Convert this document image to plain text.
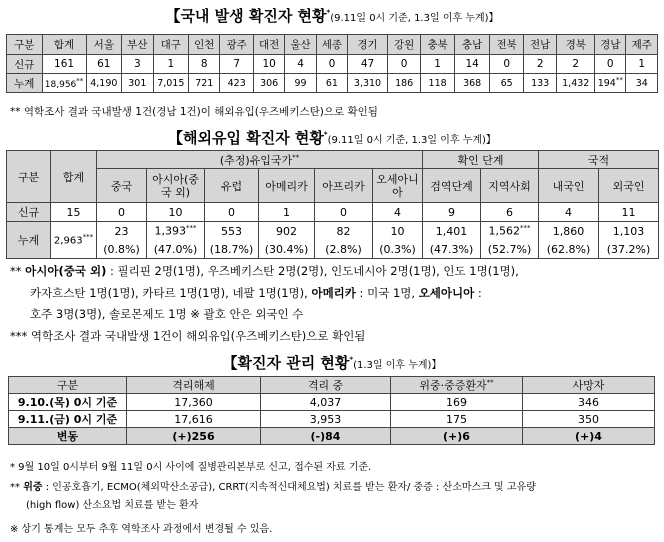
【국내 발생 확진자 현황*(9.11일 0시 기준, 1.3일 이후 누계)】
구분	합계	서울	부산	대구	인천	광주	대전	울산	세종	경기	강원	충북	충남	전북	전남	경북	경남	제주
신규	161	61	3	1	8	7	10	4	0	47	0	1	14	0	2	2	0	1
누계	18,956**	4,190	301	7,015	721	423	306	99	61	3,310	186	118	368	65	133	1,432	194**	34
** 역학조사 결과 국내발생 1건(경남 1건)이 해외유입(우즈베키스탄)으로 확인됨
【해외유입 확진자 현황*(9.11일 0시 기준, 1.3일 이후 누계)】
구분	합계	(추정)유입국가**						확인 단계		국적	
		중국	아시아(중국 외)	유럽	아메리카	아프리카	오세아니아	검역단계	지역사회	내국인	외국인
신규	15	0	10	0	1	0	4	9	6	4	11
누계	2,963***	23	1,393***	553	902	82	10	1,401	1,562***	1,860	1,103
		(0.8%)	(47.0%)	(18.7%)	(30.4%)	(2.8%)	(0.3%)	(47.3%)	(52.7%)	(62.8%)	(37.2%)
** 아시아(중국 외) : 필리핀 2명(1명), 우즈베키스탄 2명(2명), 인도네시아 2명(1명), 인도 1명(1명),
카자흐스탄 1명(1명), 카타르 1명(1명), 네팔 1명(1명), 아메리카 : 미국 1명, 오세아니아 :
호주 3명(3명), 솔로몬제도 1명 ※ 괄호 안은 외국인 수
*** 역학조사 결과 국내발생 1건이 해외유입(우즈베키스탄)으로 확인됨
【확진자 관리 현황*(1.3일 이후 누계)】
구분	격리해제	격리 중	위중·중증환자**	사망자
9.10.(목) 0시 기준	17,360	4,037	169	346
9.11.(금) 0시 기준	17,616	3,953	175	350
변동	(+)256	(-)84	(+)6	(+)4
* 9월 10일 0시부터 9월 11일 0시 사이에 질병관리본부로 신고, 접수된 자료 기준.
** 위중 : 인공호흡기, ECMO(체외막산소공급), CRRT(지속적신대체요법) 치료를 받는 환자/ 중증 : 산소마스크 및 고유량
(high flow) 산소요법 치료를 받는 환자
※ 상기 통계는 모두 추후 역학조사 과정에서 변경될 수 있음.
